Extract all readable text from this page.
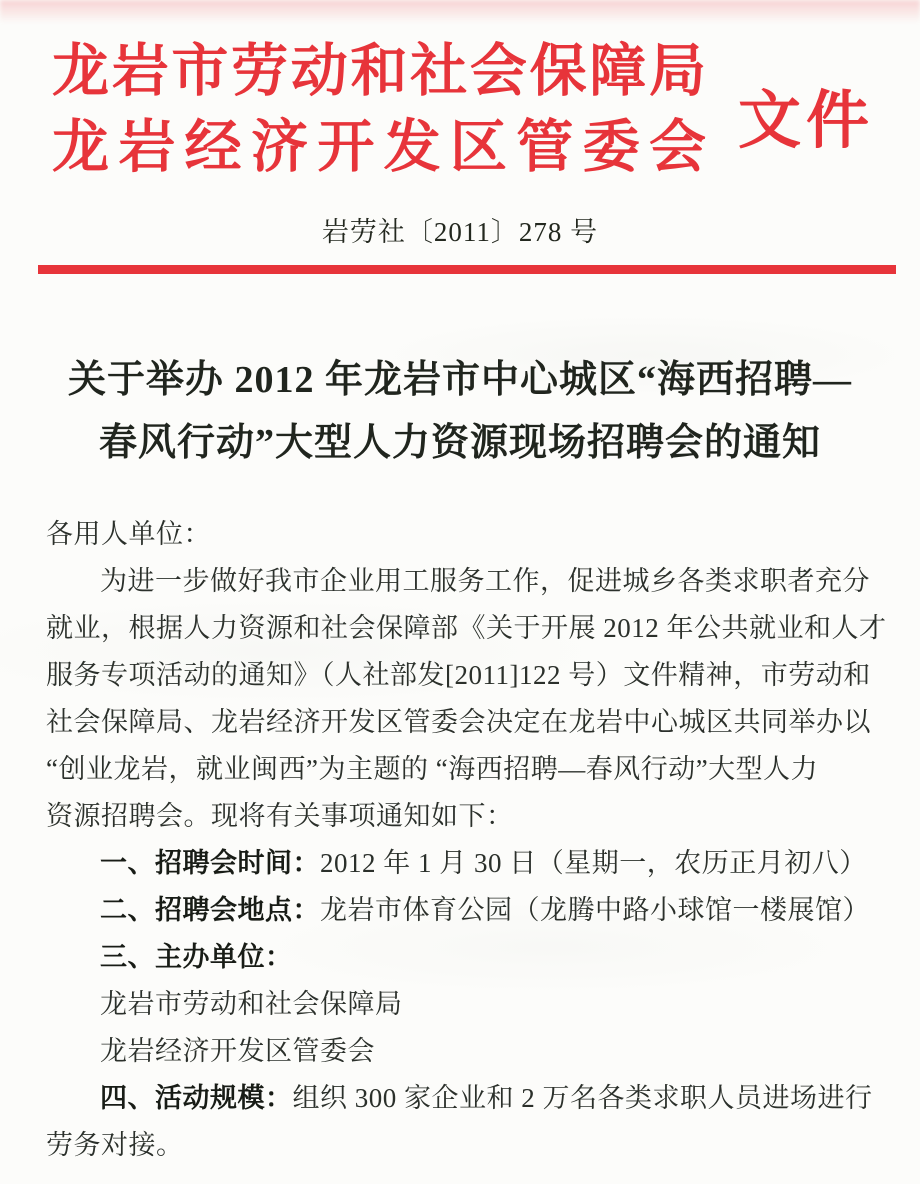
龙岩市劳动和社会保障局
龙岩经济开发区管委会 文件
岩劳社〔2011〕278 号
关于举办 2012 年龙岩市中心城区“海西招聘—
春风行动”大型人力资源现场招聘会的通知
各用人单位：
为进一步做好我市企业用工服务工作，促进城乡各类求职者充分
就业，根据人力资源和社会保障部《关于开展 2012 年公共就业和人才
服务专项活动的通知》（人社部发[2011]122 号）文件精神，市劳动和
社会保障局、龙岩经济开发区管委会决定在龙岩中心城区共同举办以
“创业龙岩，就业闽西”为主题的 “海西招聘—春风行动”大型人力
资源招聘会。现将有关事项通知如下：
一、招聘会时间：2012 年 1 月 30 日（星期一，农历正月初八）
二、招聘会地点：龙岩市体育公园（龙腾中路小球馆一楼展馆）
三、主办单位：
龙岩市劳动和社会保障局
龙岩经济开发区管委会
四、活动规模：组织 300 家企业和 2 万名各类求职人员进场进行
劳务对接。
